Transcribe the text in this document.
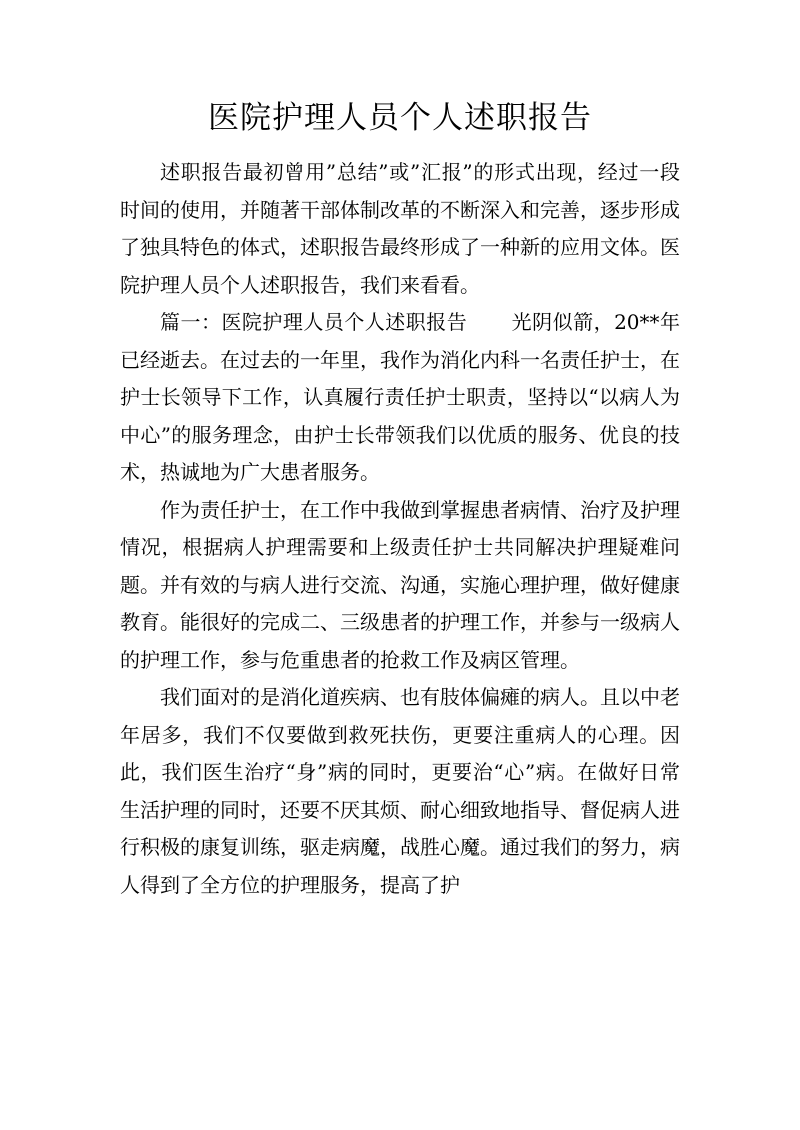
医院护理人员个人述职报告

述职报告最初曾用”总结”或”汇报”的形式出现，经过一段时间的使用，并随著干部体制改革的不断深入和完善，逐步形成了独具特色的体式，述职报告最终形成了一种新的应用文体。医院护理人员个人述职报告，我们来看看。

篇一：医院护理人员个人述职报告 光阴似箭，20**年已经逝去。在过去的一年里，我作为消化内科一名责任护士，在护士长领导下工作，认真履行责任护士职责，坚持以“以病人为中心”的服务理念，由护士长带领我们以优质的服务、优良的技术，热诚地为广大患者服务。

作为责任护士，在工作中我做到掌握患者病情、治疗及护理情况，根据病人护理需要和上级责任护士共同解决护理疑难问题。并有效的与病人进行交流、沟通，实施心理护理，做好健康教育。能很好的完成二、三级患者的护理工作，并参与一级病人的护理工作，参与危重患者的抢救工作及病区管理。

我们面对的是消化道疾病、也有肢体偏瘫的病人。且以中老年居多，我们不仅要做到救死扶伤，更要注重病人的心理。因此，我们医生治疗“身”病的同时，更要治“心”病。在做好日常生活护理的同时，还要不厌其烦、耐心细致地指导、督促病人进行积极的康复训练，驱走病魔，战胜心魔。通过我们的努力，病人得到了全方位的护理服务，提高了护
